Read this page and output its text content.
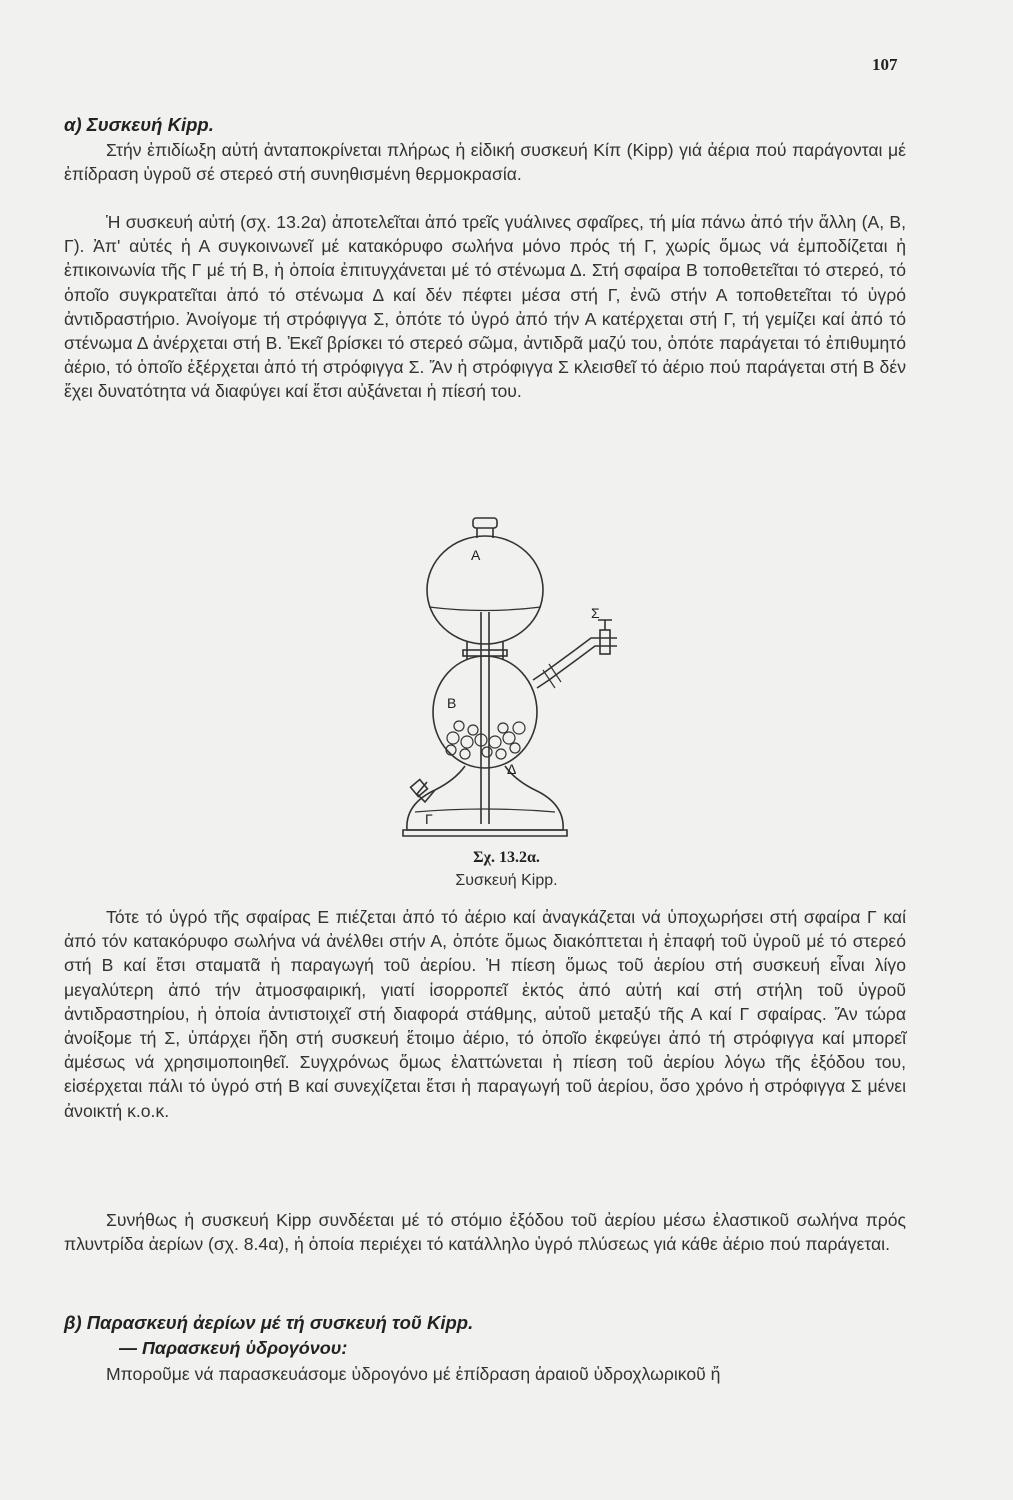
107
α) Συσκευή Kipp.

Στήν ἐπιδίωξη αὐτή ἀνταποκρίνεται πλήρως ἡ εἰδική συσκευή Κίπ (Kipp) γιά ἀέρια πού παράγονται μέ ἐπίδραση ὑγροῦ σέ στερεό στή συνηθισμένη θερμοκρασία.

Ἡ συσκευή αὐτή (σχ. 13.2α) ἀποτελεῖται ἀπό τρεῖς γυάλινες σφαῖρες, τή μία πάνω ἀπό τήν ἄλλη (Α, Β, Γ). Ἀπ' αὐτές ἡ Α συγκοινωνεῖ μέ κατακόρυφο σωλήνα μόνο πρός τή Γ, χωρίς ὅμως νά ἐμποδίζεται ἡ ἐπικοινωνία τῆς Γ μέ τή Β, ἡ ὁποία ἐπιτυγχάνεται μέ τό στένωμα Δ. Στή σφαίρα Β τοποθετεῖται τό στερεό, τό ὁποῖο συγκρατεῖται ἀπό τό στένωμα Δ καί δέν πέφτει μέσα στή Γ, ἐνῶ στήν Α τοποθετεῖται τό ὑγρό ἀντιδραστήριο. Ἀνοίγομε τή στρόφιγγα Σ, ὁπότε τό ὑγρό ἀπό τήν Α κατέρχεται στή Γ, τή γεμίζει καί ἀπό τό στένωμα Δ ἀνέρχεται στή Β. Ἐκεῖ βρίσκει τό στερεό σῶμα, ἀντιδρᾶ μαζύ του, ὁπότε παράγεται τό ἐπιθυμητό ἀέριο, τό ὁποῖο ἐξέρχεται ἀπό τή στρόφιγγα Σ. Ἄν ἡ στρόφιγγα Σ κλεισθεῖ τό ἀέριο πού παράγεται στή Β δέν ἔχει δυνατότητα νά διαφύγει καί ἔτσι αὐξάνεται ἡ πίεσή του.

Α
Β
Γ
Δ
Σ
Σχ. 13.2α.
Συσκευή Kipp.

Τότε τό ὑγρό τῆς σφαίρας Ε πιέζεται ἀπό τό ἀέριο καί ἀναγκάζεται νά ὑποχωρήσει στή σφαίρα Γ καί ἀπό τόν κατακόρυφο σωλήνα νά ἀνέλθει στήν Α, ὁπότε ὅμως διακόπτεται ἡ ἐπαφή τοῦ ὑγροῦ μέ τό στερεό στή Β καί ἔτσι σταματᾶ ἡ παραγωγή τοῦ ἀερίου. Ἡ πίεση ὅμως τοῦ ἀερίου στή συσκευή εἶναι λίγο μεγαλύτερη ἀπό τήν ἀτμοσφαιρική, γιατί ἰσορροπεῖ ἐκτός ἀπό αὐτή καί στή στήλη τοῦ ὑγροῦ ἀντιδραστηρίου, ἡ ὁποία ἀντιστοιχεῖ στή διαφορά στάθμης, αὐτοῦ μεταξύ τῆς Α καί Γ σφαίρας. Ἄν τώρα ἀνοίξομε τή Σ, ὑπάρχει ἤδη στή συσκευή ἕτοιμο ἀέριο, τό ὁποῖο ἐκφεύγει ἀπό τή στρόφιγγα καί μπορεῖ ἀμέσως νά χρησιμοποιηθεῖ. Συγχρόνως ὅμως ἐλαττώνεται ἡ πίεση τοῦ ἀερίου λόγω τῆς ἐξόδου του, εἰσέρχεται πάλι τό ὑγρό στή Β καί συνεχίζεται ἔτσι ἡ παραγωγή τοῦ ἀερίου, ὅσο χρόνο ἡ στρόφιγγα Σ μένει ἀνοικτή κ.ο.κ.

Συνήθως ἡ συσκευή Kipp συνδέεται μέ τό στόμιο ἐξόδου τοῦ ἀερίου μέσω ἐλαστικοῦ σωλήνα πρός πλυντρίδα ἀερίων (σχ. 8.4α), ἡ ὁποία περιέχει τό κατάλληλο ὑγρό πλύσεως γιά κάθε ἀέριο πού παράγεται.

β) Παρασκευή ἀερίων μέ τή συσκευή τοῦ Kipp.
— Παρασκευή ὑδρογόνου:

Μποροῦμε νά παρασκευάσομε ὑδρογόνο μέ ἐπίδραση ἀραιοῦ ὑδροχλωρικοῦ ἤ
